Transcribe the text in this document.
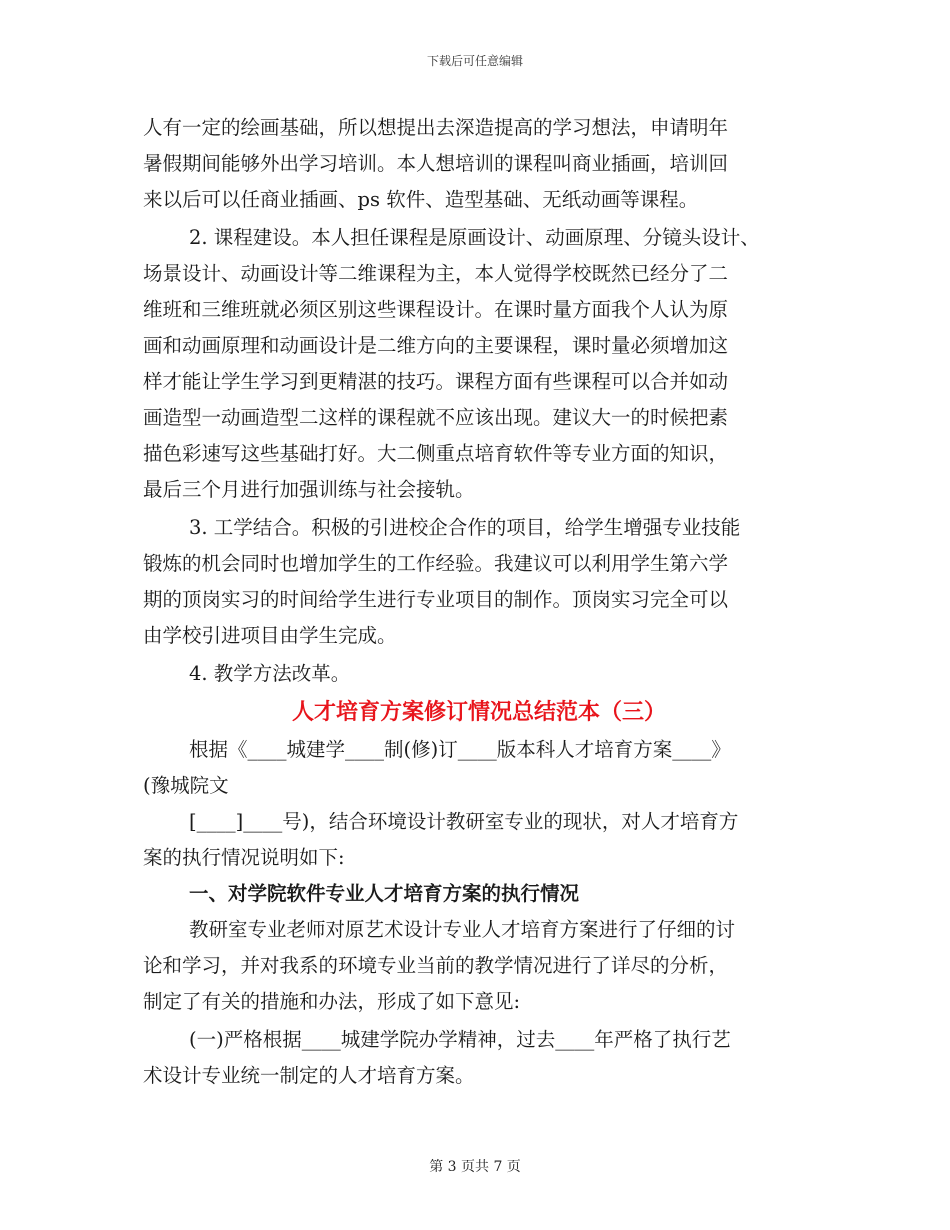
下载后可任意编辑
人有一定的绘画基础，所以想提出去深造提高的学习想法，申请明年
暑假期间能够外出学习培训。本人想培训的课程叫商业插画，培训回
来以后可以任商业插画、ps 软件、造型基础、无纸动画等课程。
2. 课程建设。本人担任课程是原画设计、动画原理、分镜头设计、
场景设计、动画设计等二维课程为主，本人觉得学校既然已经分了二
维班和三维班就必须区别这些课程设计。在课时量方面我个人认为原
画和动画原理和动画设计是二维方向的主要课程，课时量必须增加这
样才能让学生学习到更精湛的技巧。课程方面有些课程可以合并如动
画造型一动画造型二这样的课程就不应该出现。建议大一的时候把素
描色彩速写这些基础打好。大二侧重点培育软件等专业方面的知识，
最后三个月进行加强训练与社会接轨。
3. 工学结合。积极的引进校企合作的项目，给学生增强专业技能
锻炼的机会同时也增加学生的工作经验。我建议可以利用学生第六学
期的顶岗实习的时间给学生进行专业项目的制作。顶岗实习完全可以
由学校引进项目由学生完成。
4. 教学方法改革。
人才培育方案修订情况总结范本（三）
根据《____城建学____制(修)订____版本科人才培育方案____》
(豫城院文
[____]____号)，结合环境设计教研室专业的现状，对人才培育方
案的执行情况说明如下:
一、对学院软件专业人才培育方案的执行情况
教研室专业老师对原艺术设计专业人才培育方案进行了仔细的讨
论和学习，并对我系的环境专业当前的教学情况进行了详尽的分析，
制定了有关的措施和办法，形成了如下意见:
(一)严格根据____城建学院办学精神，过去____年严格了执行艺
术设计专业统一制定的人才培育方案。
第 3 页共 7 页
